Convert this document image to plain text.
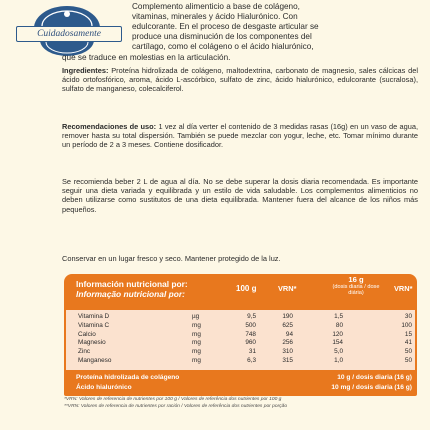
Cuidadosamente

Complemento alimenticio a base de colágeno,

vitaminas, minerales y ácido Hialurónico. Con

edulcorante. En el proceso de desgaste articular se

produce una disminución de los componentes del

cartílago, como el colágeno o el ácido hialurónico,

que se traduce en molestias en la articulación.

Ingredientes: Proteína hidrolizada de colágeno, maltodextrina, carbonato de magnesio, sales cálcicas del ácido ortofosfórico, aroma, ácido L-ascórbico, sulfato de zinc, ácido hialurónico, edulcorante (sucralosa), sulfato de manganeso, colecalciferol.
Recomendaciones de uso: 1 vez al día verter el contenido de 3 medidas rasas (16g) en un vaso de agua, remover hasta su total dispersión. También se puede mezclar con yogur, leche, etc. Tomar mínimo durante un período de 2 a 3 meses. Contiene dosificador.
Se recomienda beber 2 L de agua al día. No se debe superar la dosis diaria recomendada. Es importante seguir una dieta variada y equilibrada y un estilo de vida saludable. Los complementos alimenticios no deben utilizarse como sustitutos de una dieta equilibrada. Mantener fuera del alcance de los niños más pequeños.
Conservar en un lugar fresco y seco. Mantener protegido de la luz.
Información nutricional por:
Informação nutricional por:
100 g	VRN*
16 g
(dosis diaria / dose diária)
VRN*
Vitamina D	µg	9,5	190	1,5	30
Vitamina C	mg	500	625	80	100
Calcio	mg	748	94	120	15
Magnesio	mg	960	256	154	41
Zinc	mg	31	310	5,0	50
Manganeso	mg	6,3	315	1,0	50
Proteína hidrolizada de colágeno	10 g / dosis diaria (16 g)
Ácido hialurónico	10 mg / dosis diaria (16 g)
*VRN: Valores de referencia de nutrientes por 100 g / Valores de referência dos nutrientes por 100 g
**VRN: Valores de referencia de nutrientes por ración / Valores de referência dos nutrientes por porção
